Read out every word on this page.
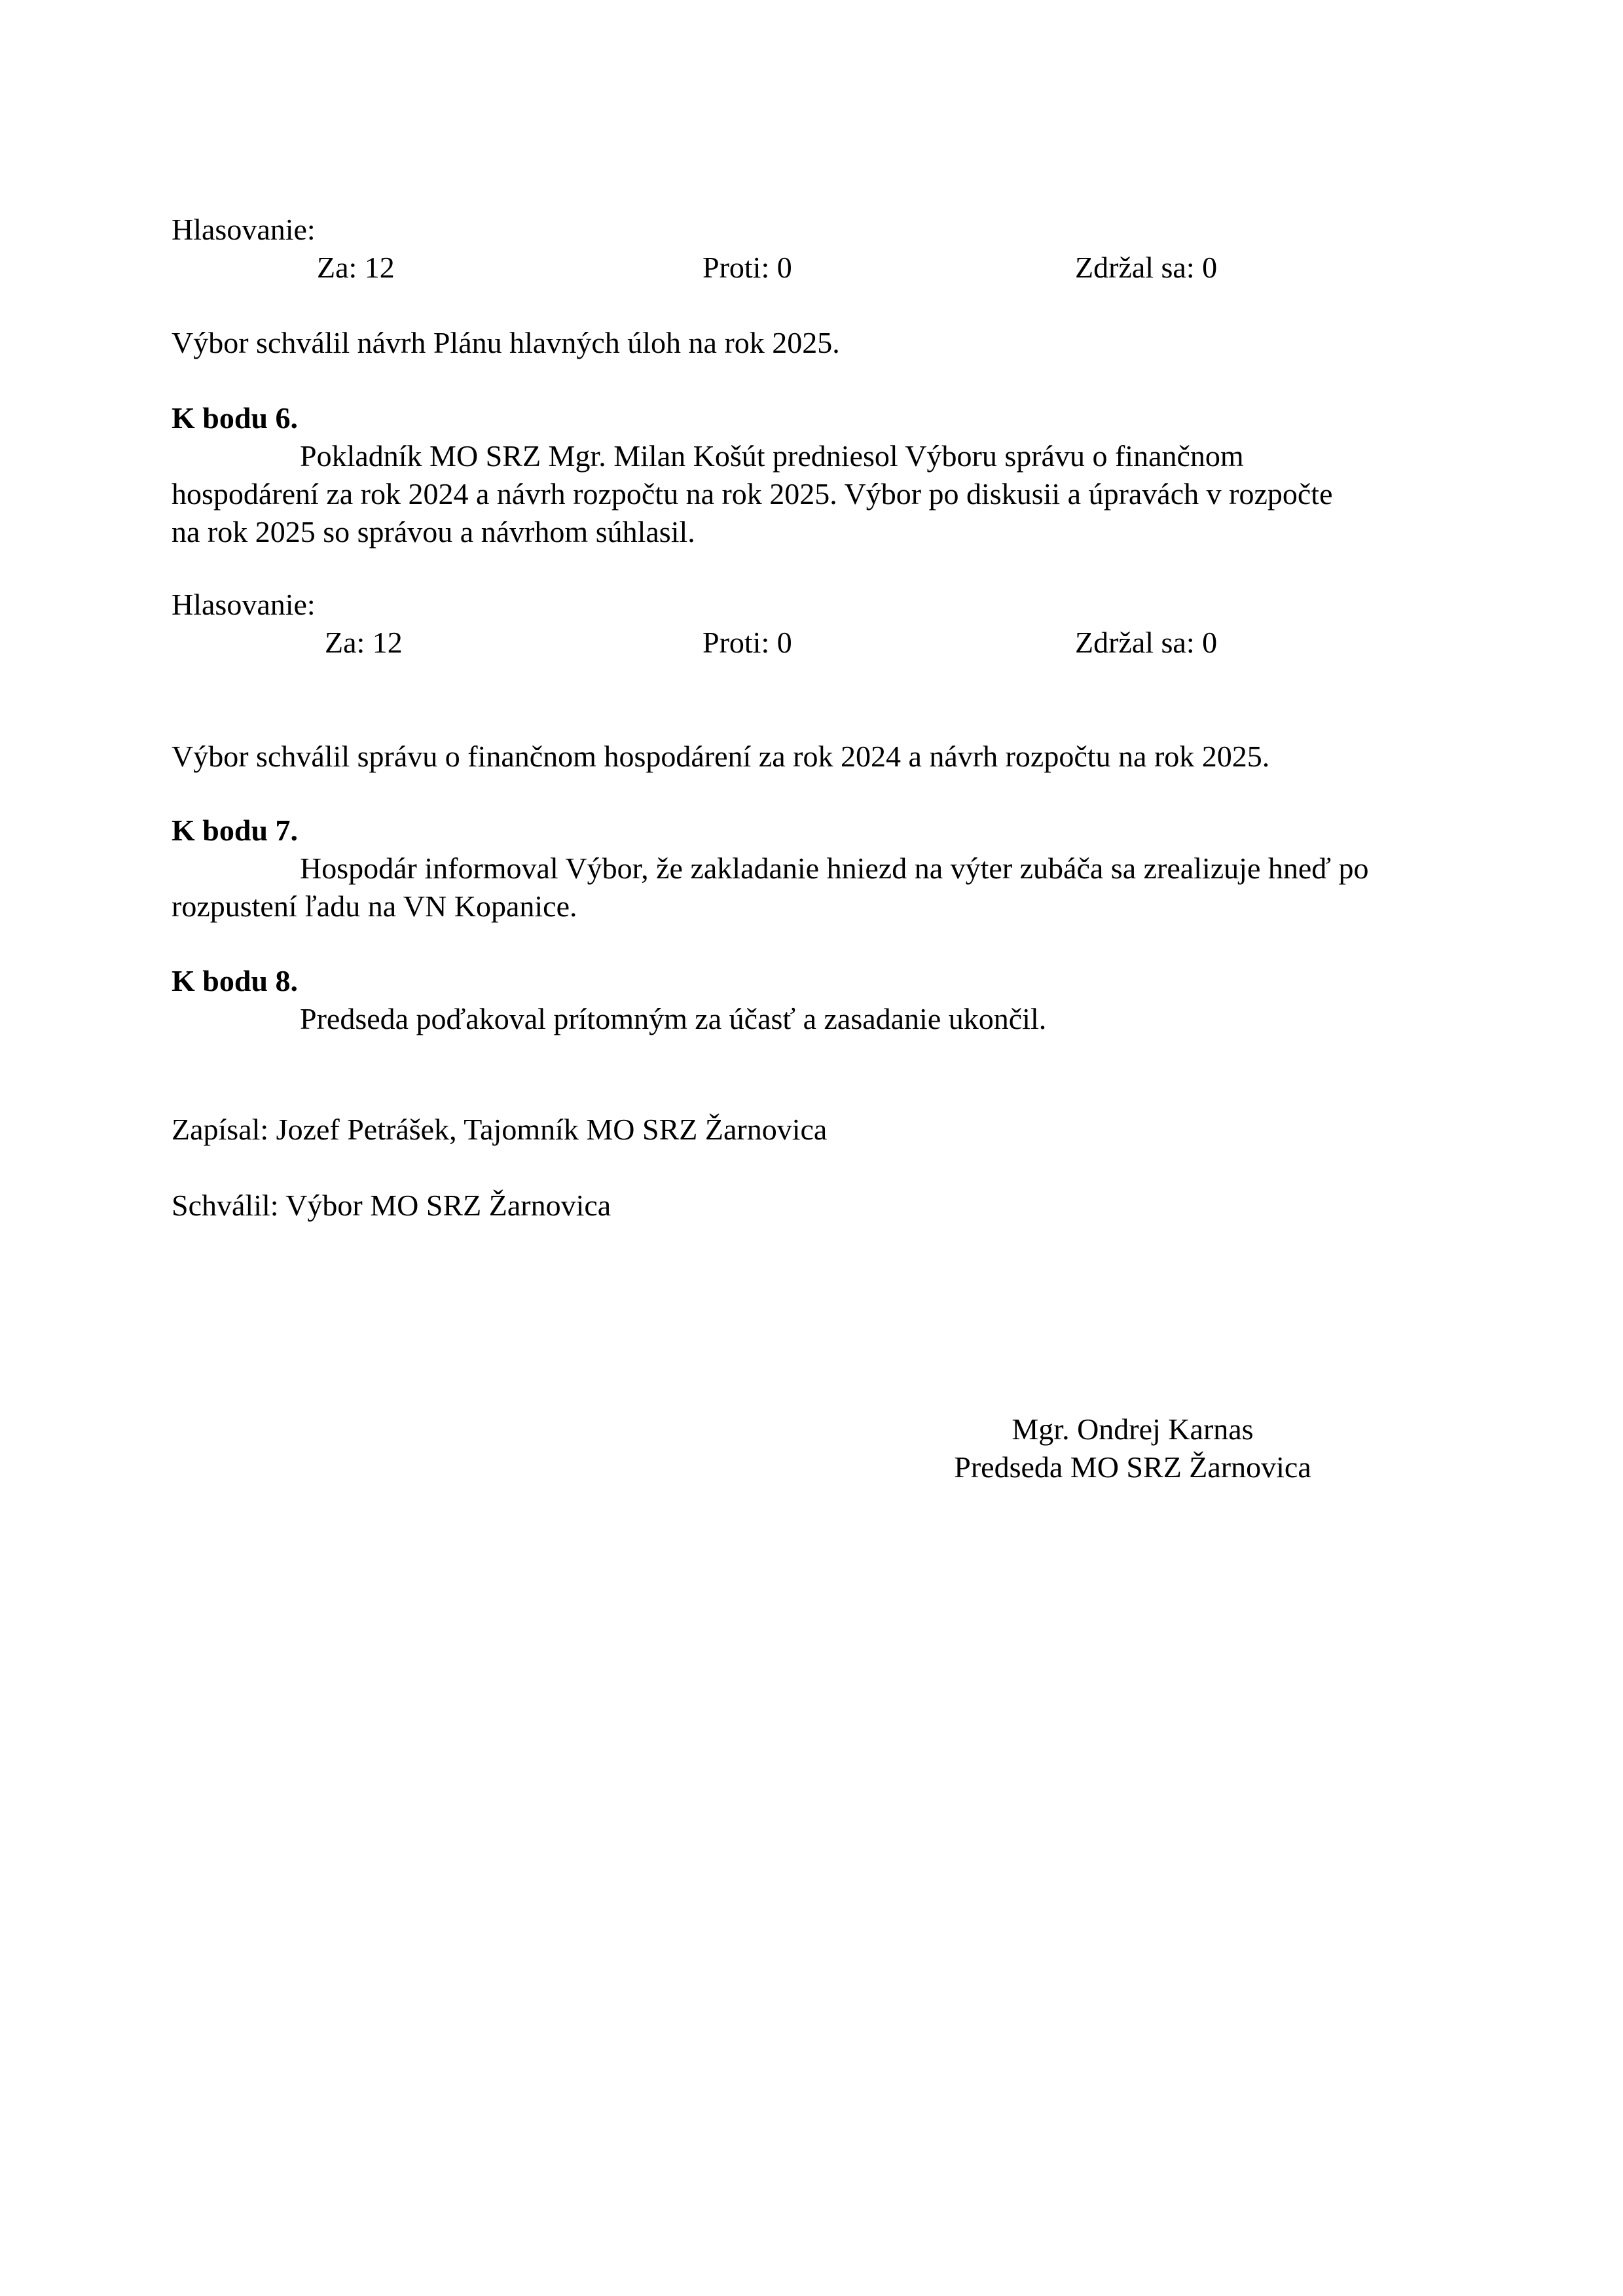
Hlasovanie:
Za: 12	Proti: 0	Zdržal sa: 0
Výbor schválil návrh Plánu hlavných úloh na rok 2025.
K bodu 6.
Pokladník MO SRZ Mgr. Milan Košút predniesol Výboru správu o finančnom
hospodárení za rok 2024 a návrh rozpočtu na rok 2025. Výbor po diskusii a úpravách v rozpočte
na rok 2025 so správou a návrhom súhlasil.
Hlasovanie:
Za: 12	Proti: 0	Zdržal sa: 0
Výbor schválil správu o finančnom hospodárení za rok 2024 a návrh rozpočtu na rok 2025.
K bodu 7.
Hospodár informoval Výbor, že zakladanie hniezd na výter zubáča sa zrealizuje hneď po
rozpustení ľadu na VN Kopanice.
K bodu 8.
Predseda poďakoval prítomným za účasť a zasadanie ukončil.
Zapísal: Jozef Petrášek, Tajomník MO SRZ Žarnovica
Schválil: Výbor MO SRZ Žarnovica
Mgr. Ondrej Karnas
Predseda MO SRZ Žarnovica
